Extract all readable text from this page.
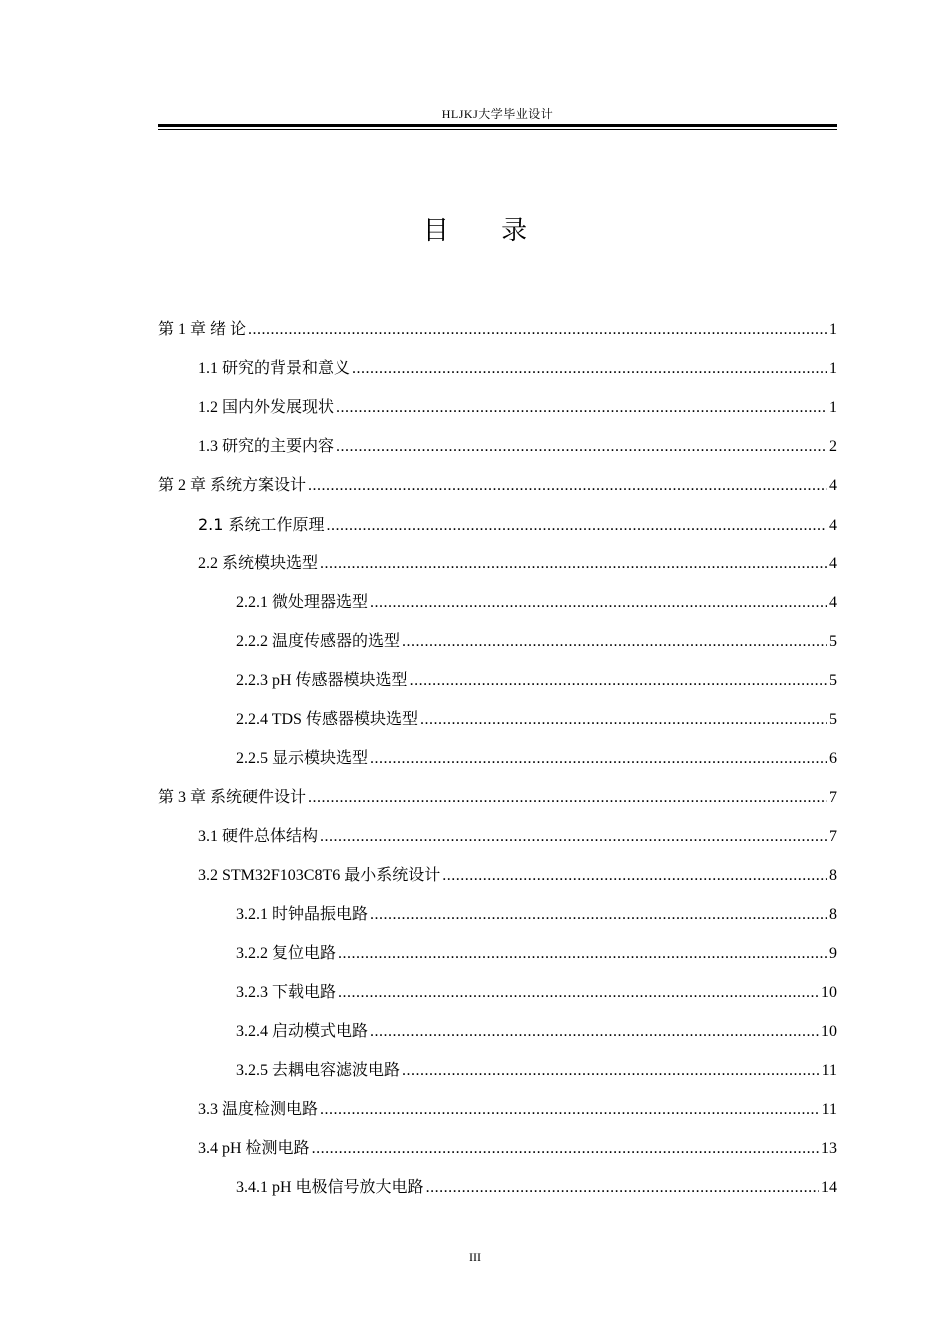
HLJKJ大学毕业设计
目 录
第 1 章 绪 论 .....	1
1.1 研究的背景和意义 .....	1
1.2 国内外发展现状 .....	1
1.3 研究的主要内容 .....	2
第 2 章 系统方案设计 .....	4
2.1 系统工作原理 .....	4
2.2 系统模块选型 .....	4
2.2.1 微处理器选型 .....	4
2.2.2 温度传感器的选型 .....	5
2.2.3 pH 传感器模块选型 .....	5
2.2.4 TDS 传感器模块选型 .....	5
2.2.5 显示模块选型 .....	6
第 3 章 系统硬件设计 .....	7
3.1 硬件总体结构 .....	7
3.2 STM32F103C8T6 最小系统设计 .....	8
3.2.1 时钟晶振电路 .....	8
3.2.2 复位电路 .....	9
3.2.3 下载电路 .....	10
3.2.4 启动模式电路 .....	10
3.2.5 去耦电容滤波电路 .....	11
3.3 温度检测电路 .....	11
3.4 pH 检测电路 .....	13
3.4.1 pH 电极信号放大电路 .....	14
III
